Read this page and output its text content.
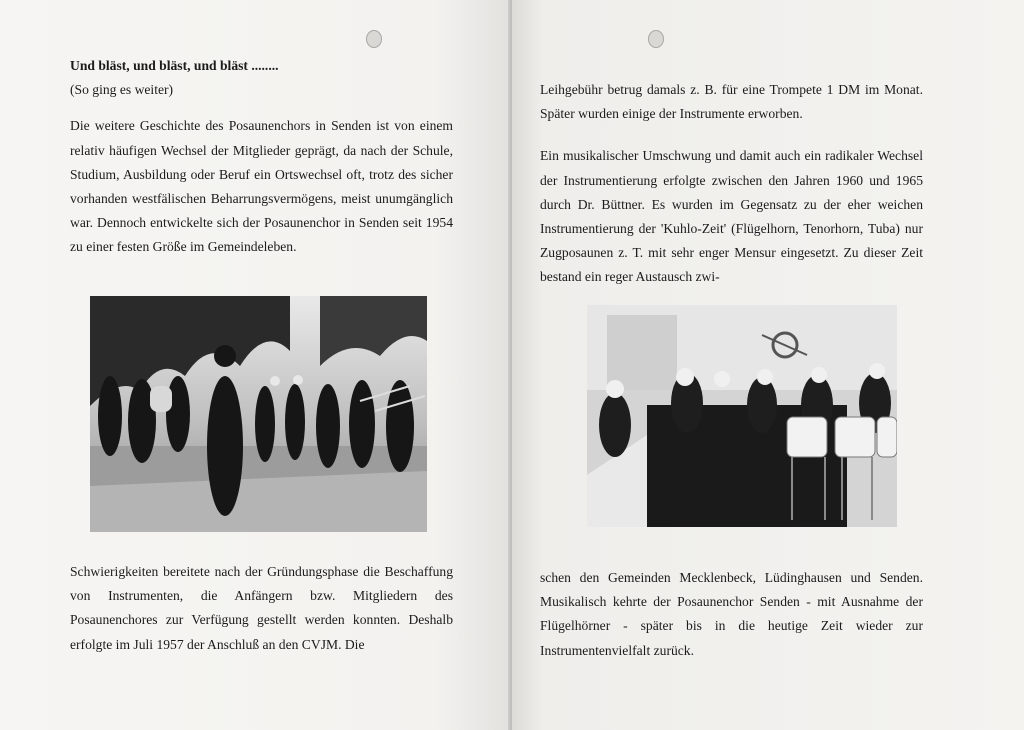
Und bläst, und bläst, und bläst ........
(So ging es weiter)

Die weitere Geschichte des Posaunenchors in Senden ist von einem relativ häufigen Wechsel der Mitglieder geprägt, da nach der Schule, Studium, Ausbildung oder Beruf ein Ortswechsel oft, trotz des sicher vorhanden westfälischen Beharrungsvermögens, meist unumgänglich war. Dennoch entwickelte sich der Posaunenchor in Senden seit 1954 zu einer festen Größe im Gemeindeleben.

Schwierigkeiten bereitete nach der Gründungsphase die Beschaffung von Instrumenten, die Anfängern bzw. Mitgliedern des Posaunenchores zur Verfügung gestellt werden konnten. Deshalb erfolgte im Juli 1957 der Anschluß an den CVJM. Die

Leihgebühr betrug damals z. B. für eine Trompete 1 DM im Monat. Später wurden einige der Instrumente erworben.

Ein musikalischer Umschwung und damit auch ein radikaler Wechsel der Instrumentierung erfolgte zwischen den Jahren 1960 und 1965 durch Dr. Büttner. Es wurden im Gegensatz zu der eher weichen Instrumentierung der 'Kuhlo-Zeit' (Flügelhorn, Tenorhorn, Tuba) nur Zugposaunen z. T. mit sehr enger Mensur eingesetzt. Zu dieser Zeit bestand ein reger Austausch zwi-

schen den Gemeinden Mecklenbeck, Lüdinghausen und Senden. Musikalisch kehrte der Posaunenchor Senden - mit Ausnahme der Flügelhörner - später bis in die heutige Zeit wieder zur Instrumentenvielfalt zurück.
